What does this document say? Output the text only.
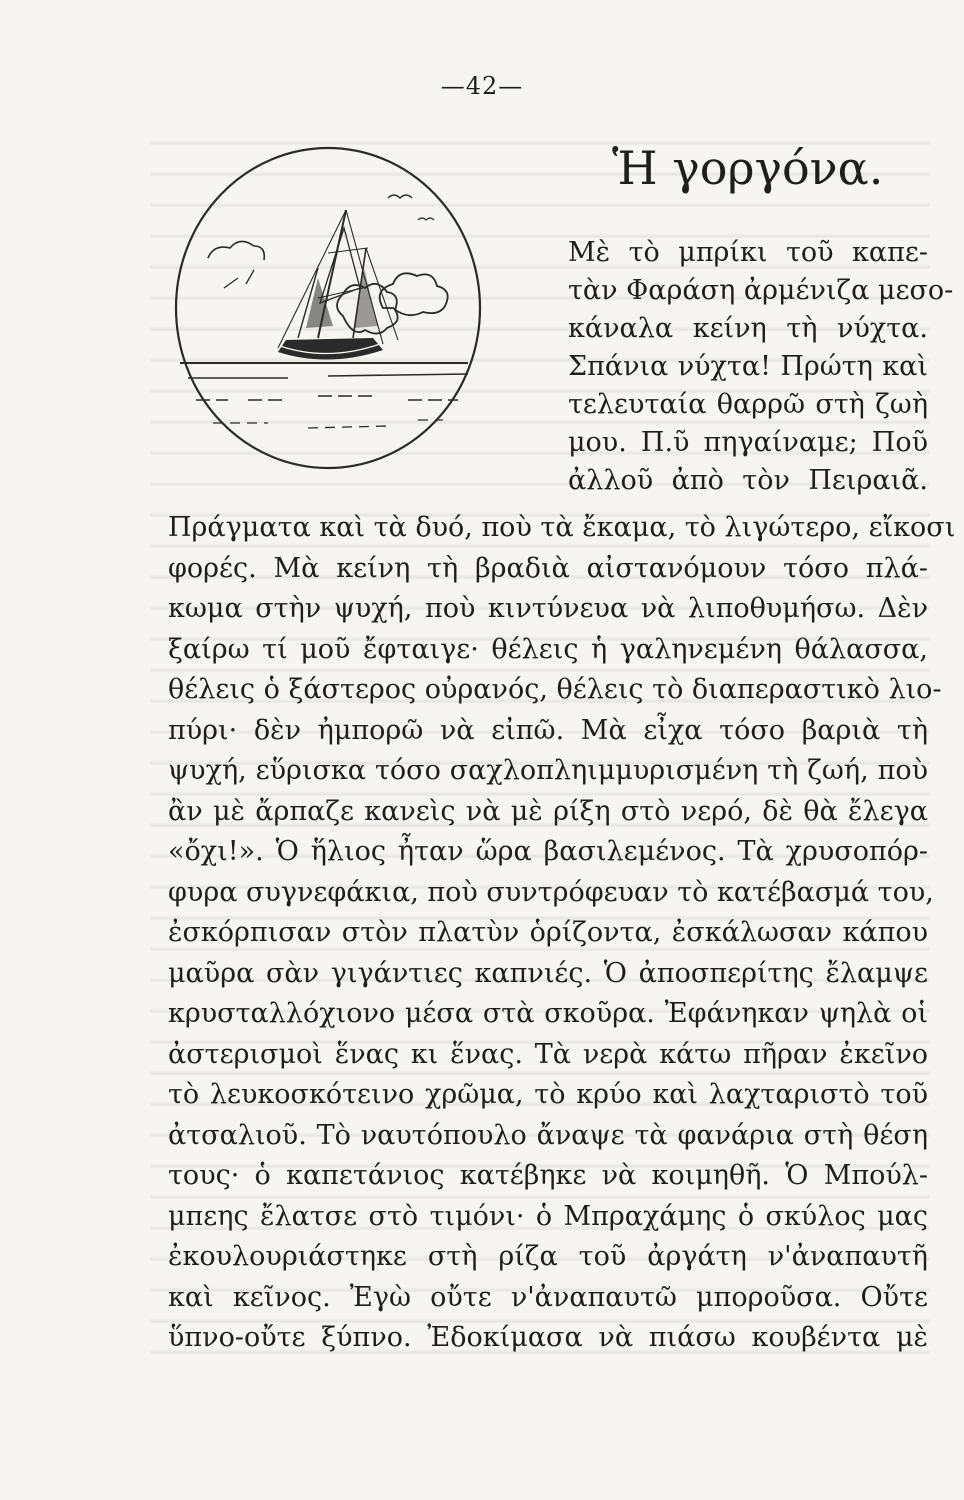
—42—
Ἡ γοργόνα.
Μὲ τὸ μπρίκι τοῦ καπε-
τὰν Φαράση ἀρμένιζα μεσο-
κάναλα κείνη τὴ νύχτα.
Σπάνια νύχτα! Πρώτη καὶ
τελευταία θαρρῶ στὴ ζωὴ
μου. Π.ῦ πηγαίναμε; Ποῦ
ἀλλοῦ ἀπὸ τὸν Πειραιᾶ.
Πράγματα καὶ τὰ δυό, ποὺ τὰ ἔκαμα, τὸ λιγώτερο, εἴκοσι
φορές. Μὰ κείνη τὴ βραδιὰ αἰστανόμουν τόσο πλά-
κωμα στὴν ψυχή, ποὺ κιντύνευα νὰ λιποθυμήσω. Δὲν
ξαίρω τί μοῦ ἔφταιγε· θέλεις ἡ γαληνεμένη θάλασσα,
θέλεις ὁ ξάστερος οὐρανός, θέλεις τὸ διαπεραστικὸ λιο-
πύρι· δὲν ἠμπορῶ νὰ εἰπῶ. Μὰ εἶχα τόσο βαριὰ τὴ
ψυχή, εὕρισκα τόσο σαχλοπληιμμυρισμένη τὴ ζωή, ποὺ
ἂν μὲ ἄρπαζε κανεὶς νὰ μὲ ρίξη στὸ νερό, δὲ θὰ ἔλεγα
«ὄχι!». Ὁ ἥλιος ἦταν ὥρα βασιλεμένος. Τὰ χρυσοπόρ-
φυρα συγνεφάκια, ποὺ συντρόφευαν τὸ κατέβασμά του,
ἐσκόρπισαν στὸν πλατὺν ὁρίζοντα, ἐσκάλωσαν κάπου
μαῦρα σὰν γιγάντιες καπνιές. Ὁ ἀποσπερίτης ἔλαμψε
κρυσταλλόχιονο μέσα στὰ σκοῦρα. Ἐφάνηκαν ψηλὰ οἱ
ἀστερισμοὶ ἕνας κι ἕνας. Τὰ νερὰ κάτω πῆραν ἐκεῖνο
τὸ λευκοσκότεινο χρῶμα, τὸ κρύο καὶ λαχταριστὸ τοῦ
ἀτσαλιοῦ. Τὸ ναυτόπουλο ἄναψε τὰ φανάρια στὴ θέση
τους· ὁ καπετάνιος κατέβηκε νὰ κοιμηθῆ. Ὁ Μπούλ-
μπεης ἔλατσε στὸ τιμόνι· ὁ Μπραχάμης ὁ σκύλος μας
ἐκουλουριάστηκε στὴ ρίζα τοῦ ἀργάτη ν'ἀναπαυτῆ
καὶ κεῖνος. Ἐγὼ οὔτε ν'ἀναπαυτῶ μποροῦσα. Οὔτε
ὕπνο-οὔτε ξύπνο. Ἐδοκίμασα νὰ πιάσω κουβέντα μὲ
